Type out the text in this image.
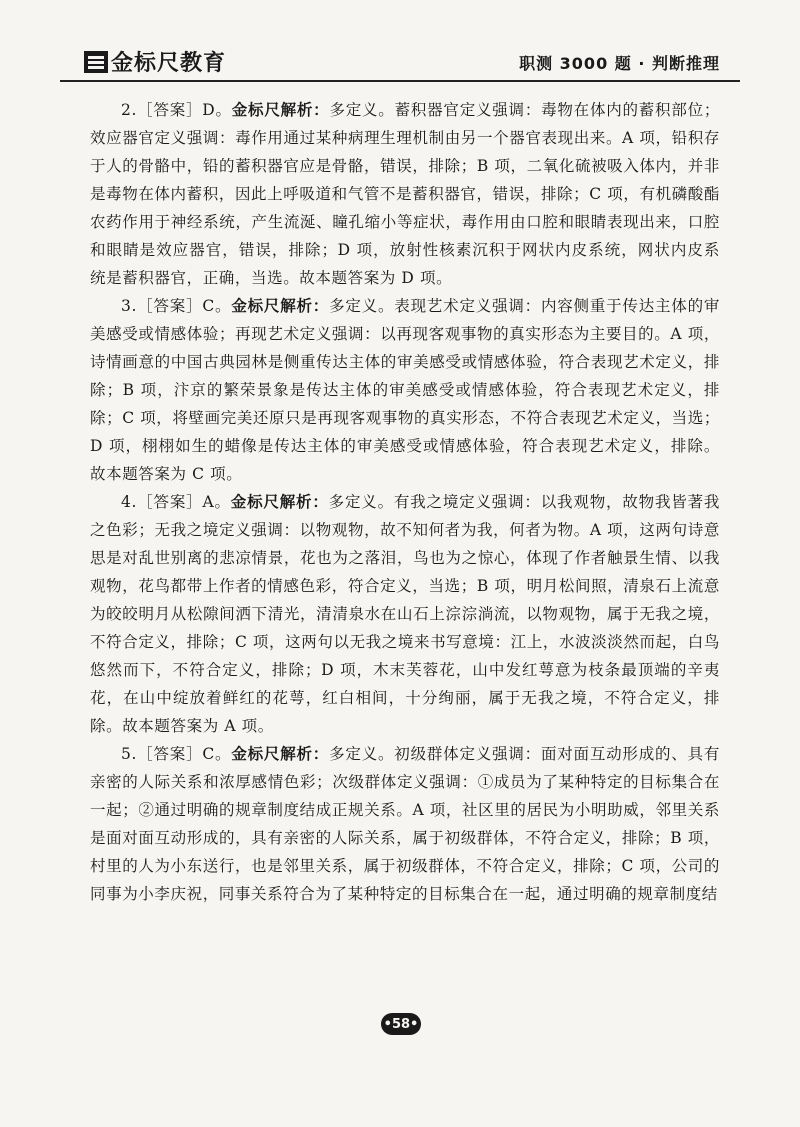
金标尺教育	职测 3000 题 · 判断推理

2.［答案］D。金标尺解析：多定义。蓄积器官定义强调：毒物在体内的蓄积部位；效应器官定义强调：毒作用通过某种病理生理机制由另一个器官表现出来。A 项，铅积存于人的骨骼中，铅的蓄积器官应是骨骼，错误，排除；B 项，二氧化硫被吸入体内，并非是毒物在体内蓄积，因此上呼吸道和气管不是蓄积器官，错误，排除；C 项，有机磷酸酯农药作用于神经系统，产生流涎、瞳孔缩小等症状，毒作用由口腔和眼睛表现出来，口腔和眼睛是效应器官，错误，排除；D 项，放射性核素沉积于网状内皮系统，网状内皮系统是蓄积器官，正确，当选。故本题答案为 D 项。

3.［答案］C。金标尺解析：多定义。表现艺术定义强调：内容侧重于传达主体的审美感受或情感体验；再现艺术定义强调：以再现客观事物的真实形态为主要目的。A 项，诗情画意的中国古典园林是侧重传达主体的审美感受或情感体验，符合表现艺术定义，排除；B 项，汴京的繁荣景象是传达主体的审美感受或情感体验，符合表现艺术定义，排除；C 项，将壁画完美还原只是再现客观事物的真实形态，不符合表现艺术定义，当选；D 项，栩栩如生的蜡像是传达主体的审美感受或情感体验，符合表现艺术定义，排除。故本题答案为 C 项。

4.［答案］A。金标尺解析：多定义。有我之境定义强调：以我观物，故物我皆著我之色彩；无我之境定义强调：以物观物，故不知何者为我，何者为物。A 项，这两句诗意思是对乱世别离的悲凉情景，花也为之落泪，鸟也为之惊心，体现了作者触景生情、以我观物，花鸟都带上作者的情感色彩，符合定义，当选；B 项，明月松间照，清泉石上流意为皎皎明月从松隙间洒下清光，清清泉水在山石上淙淙淌流，以物观物，属于无我之境，不符合定义，排除；C 项，这两句以无我之境来书写意境：江上，水波淡淡然而起，白鸟悠然而下，不符合定义，排除；D 项，木末芙蓉花，山中发红萼意为枝条最顶端的辛夷花，在山中绽放着鲜红的花萼，红白相间，十分绚丽，属于无我之境，不符合定义，排除。故本题答案为 A 项。

5.［答案］C。金标尺解析：多定义。初级群体定义强调：面对面互动形成的、具有亲密的人际关系和浓厚感情色彩；次级群体定义强调：①成员为了某种特定的目标集合在一起；②通过明确的规章制度结成正规关系。A 项，社区里的居民为小明助威，邻里关系是面对面互动形成的，具有亲密的人际关系，属于初级群体，不符合定义，排除；B 项，村里的人为小东送行，也是邻里关系，属于初级群体，不符合定义，排除；C 项，公司的同事为小李庆祝，同事关系符合为了某种特定的目标集合在一起，通过明确的规章制度结

•58•
